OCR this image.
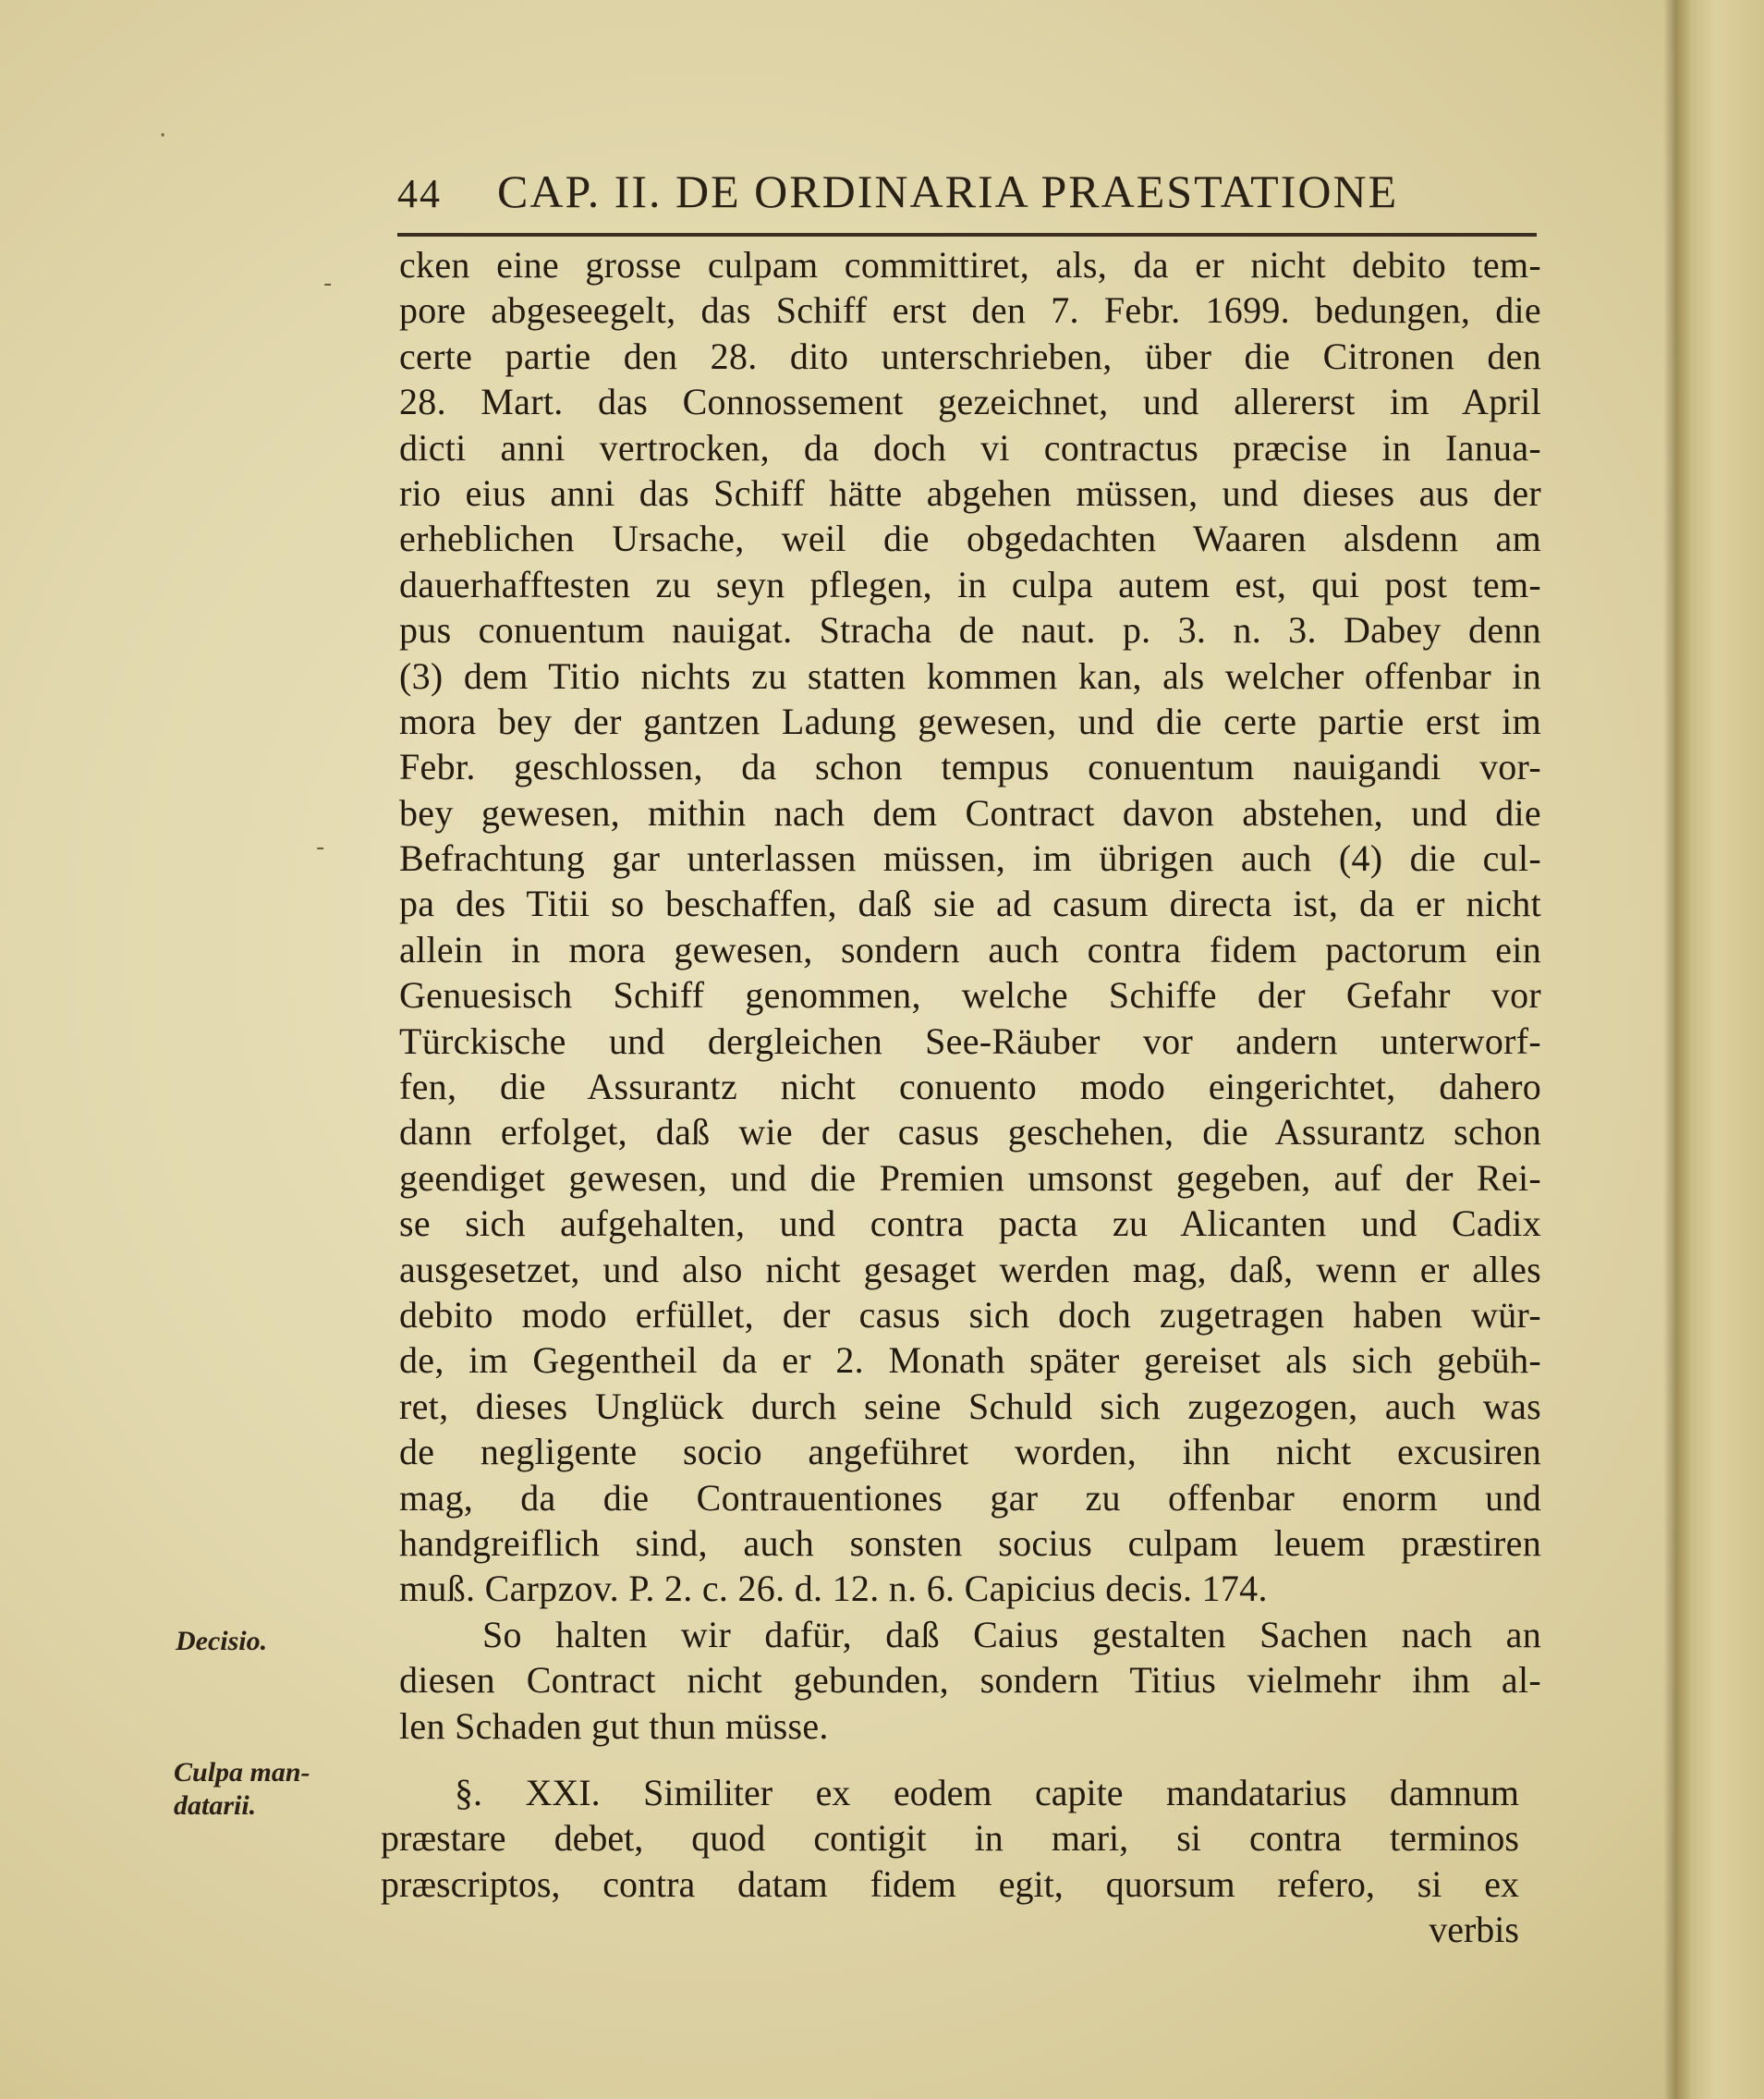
·
-
-
44 CAP. II. DE ORDINARIA PRAESTATIONE
cken eine grosse culpam committiret, als, da er nicht debito tem-
pore abgeseegelt, das Schiff erst den 7. Febr. 1699. bedungen, die
certe partie den 28. dito unterschrieben, über die Citronen den
28. Mart. das Connossement gezeichnet, und allererst im April
dicti anni vertrocken, da doch vi contractus præcise in Ianua-
rio eius anni das Schiff hätte abgehen müssen, und dieses aus der
erheblichen Ursache, weil die obgedachten Waaren alsdenn am
dauerhafftesten zu seyn pflegen, in culpa autem est, qui post tem-
pus conuentum nauigat. Stracha de naut. p. 3. n. 3. Dabey denn
(3) dem Titio nichts zu statten kommen kan, als welcher offenbar in
mora bey der gantzen Ladung gewesen, und die certe partie erst im
Febr. geschlossen, da schon tempus conuentum nauigandi vor-
bey gewesen, mithin nach dem Contract davon abstehen, und die
Befrachtung gar unterlassen müssen, im übrigen auch (4) die cul-
pa des Titii so beschaffen, daß sie ad casum directa ist, da er nicht
allein in mora gewesen, sondern auch contra fidem pactorum ein
Genuesisch Schiff genommen, welche Schiffe der Gefahr vor
Türckische und dergleichen See-Räuber vor andern unterworf-
fen, die Assurantz nicht conuento modo eingerichtet, dahero
dann erfolget, daß wie der casus geschehen, die Assurantz schon
geendiget gewesen, und die Premien umsonst gegeben, auf der Rei-
se sich aufgehalten, und contra pacta zu Alicanten und Cadix
ausgesetzet, und also nicht gesaget werden mag, daß, wenn er alles
debito modo erfüllet, der casus sich doch zugetragen haben wür-
de, im Gegentheil da er 2. Monath später gereiset als sich gebüh-
ret, dieses Unglück durch seine Schuld sich zugezogen, auch was
de negligente socio angeführet worden, ihn nicht excusiren
mag, da die Contrauentiones gar zu offenbar enorm und
handgreiflich sind, auch sonsten socius culpam leuem præstiren
muß. Carpzov. P. 2. c. 26. d. 12. n. 6. Capicius decis. 174.
So halten wir dafür, daß Caius gestalten Sachen nach an
diesen Contract nicht gebunden, sondern Titius vielmehr ihm al-
len Schaden gut thun müsse.
§. XXI. Similiter ex eodem capite mandatarius damnum
præstare debet, quod contigit in mari, si contra terminos
præscriptos, contra datam fidem egit, quorsum refero, si ex
verbis
Decisio.
Culpa man-
datarii.
